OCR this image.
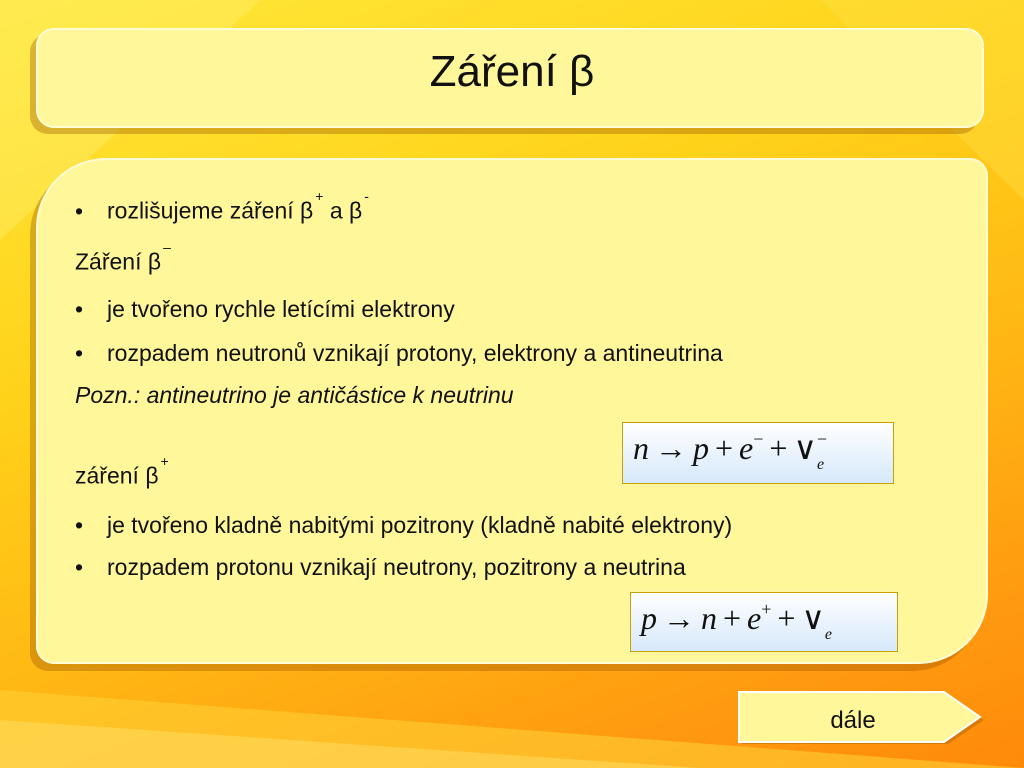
Záření β
• rozlišujeme záření β+ a β-
Záření β–
• je tvořeno rychle letícími elektrony
• rozpadem neutronů vznikají protony, elektrony a antineutrina
Pozn.: antineutrino je antičástice k neutrinu
$n \to p + e^- + \vee^-_e$
záření β+
• je tvořeno kladně nabitými pozitrony (kladně nabité elektrony)
• rozpadem protonu vznikají neutrony, pozitrony a neutrina
$p \to n + e^+ + \vee_e$
dále
